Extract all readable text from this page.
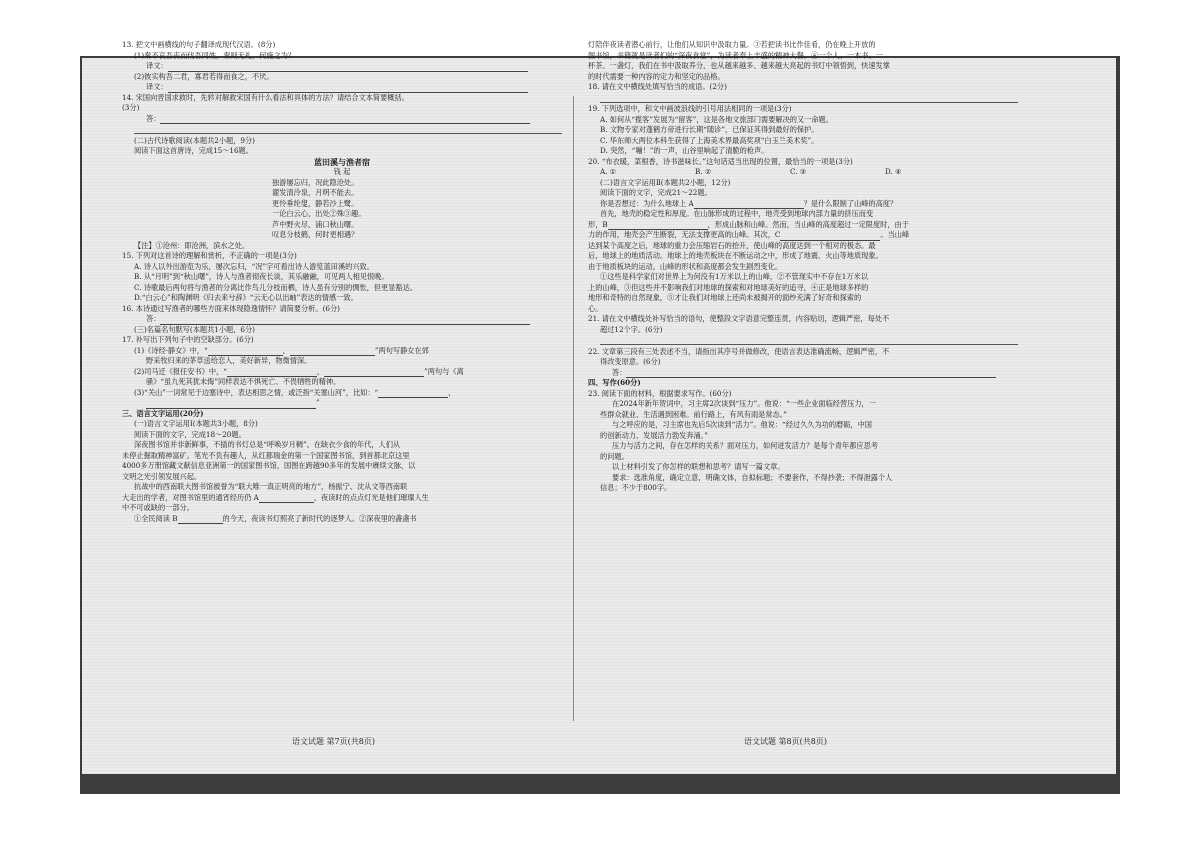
13. 把文中画横线的句子翻译成现代汉语。(8分)
(1)秦不哀吾丧而伐吾同姓，秦则无礼，何施之为？
译文：
(2)彼实构吾二君，寡君若得而食之，不厌。
译文：
14. 宋国向晋国求救时，先轸对解救宋国有什么看法和具体的方法？请结合文本简要概括。
(3分)
答：
(二)古代诗歌阅读(本题共2小题，9分)
阅读下面这首唐诗，完成15～16题。
蓝田溪与渔者宿
钱 起
独游屡忘归，况此隐沧处。
濯发清泠泉，月明不能去。
更怜垂纶叟，静若沙上鹭。
一论白云心，出处②殊③趣。
芦中野火尽，浦口秋山曙。
叹息分枝鹤，何时更相遇？
【注】①沧州：即沧洲，滨水之处。
15. 下列对这首诗的理解和赏析，不正确的一项是(3分)
A. 诗人以外出游览为乐，屡次忘归，“况”字可看出诗人游览蓝田溪的兴致。
B. 从“月明”到“秋山曙”，诗人与渔者彻夜长谈，其乐融融，可见两人相见恨晚。
C. 诗歌最后两句将与渔者的分离比作鸟儿分枝而栖，诗人虽有分别的惆怅，但更显豁达。
D.“白云心”和陶渊明《归去来兮辞》“云无心以出岫”表达的情感一致。
16. 本诗通过写渔者的哪些方面来体现隐逸情怀？请简要分析。(6分)
答：
(三)名篇名句默写(本题共1小题，6分)
17. 补写出下列句子中的空缺部分。(6分)
(1)《诗经·静女》中，“	，	”两句写静女在郊
野采牧归来的茅草送给恋人，美好新异，物微情深。
(2)司马迁《报任安书》中，“	，	”两句与《离
骚》“虽九死其犹未悔”同样表达不惧死亡、不畏牺牲的精神。
(3)“关山”一词常见于边塞诗中，表达相思之情，或泛指“关塞山河”，比如：“	，
”
三、语言文字运用(20分)
(一)语言文字运用Ⅰ(本题共3小题，8分)
阅读下面的文字，完成18～20题。
深夜图书馆并非新鲜事，不插的书灯总是“呼唤岁月稠”。在缺衣少食的年代，人们从
未停止掘取精神富矿。笔光不负有趣人，从红都瑞金的第一个国家图书馆，到首都北京这里
4000多万册馆藏文献信息亚洲第一的国家图书馆，国图在跨越90多年的发展中赓续文脉，以
文明之光引领发展兴起。
抗战中的西南联大图书馆被誉为“联大唯一真正明亮的地方”，杨振宁、沈从文等西南联
大走出的学者，对图书馆里的通宵经历仍 A	，夜读时的点点灯光是他们璀璨人生
中不可或缺的一部分。
①全民阅读 B	的今天，夜读书灯照亮了新时代的逐梦人。②深夜里的盏盏书
灯陪伴夜读者潜心前行，让他们从知识中汲取力量。③若把读书比作佳肴，仍在晚上开放的
图书馆，书籍就是读者们的“深夜食堂”，为读者奉上丰盛的精神大餐。④一个人、一本书、一
杯茶、一盏灯，我们在书中汲取养分，也从越来越多、越来越大亮起的书灯中领悟到，快速发掌
的时代需要一种内容的定力和坚定的品格。
18. 请在文中横线处填写恰当的成语。(2分)
19. 下列选项中，和文中画波浪线的引号用法相同的一项是(3分)
A. 如何从“揽客”发展为“留客”，这是各地文旅部门需要解决的又一命题。
B. 文物专家对蓬鹤方帝进行长期“随诊”，已保证其得到最好的保护。
C. 华东师大两位本科生获得了上海美术界最高奖项“白玉兰美术奖”。
D. 突然，“嘣！”的一声，山谷里响起了清脆的枪声。
20. “布衣暖，菜根香，诗书滋味长。”这句话适当出现的位置，最恰当的一项是(3分)
A. ①	B. ②	C. ③	D. ④
(二)语言文字运用Ⅱ(本题共2小题，12分)
阅读下面的文字，完成21～22题。
你是否想过：为什么地球上 A	？是什么限制了山峰的高度？
首先，地壳的稳定性和厚度。在山脉形成的过程中，地壳受到地球内部力量的挤压而变
形，B	，形成山脉和山峰。然而，当山峰的高度超过一定限度时，由于
力的作用，地壳会产生断裂，无法支撑更高的山峰。其次，C	。当山峰
达到某个高度之后，地球的重力会压缩岩石的抬升，使山峰的高度达到一个相对的极态。最
后，地球上的地质活动。地球上的地壳板块在不断运动之中，形成了地震、火山等地质现象。
由于地质板块的运动，山峰的形状和高度都会发生剧烈变化。
①这些是科学家们对世界上为何没有1万米以上的山峰，②不管现实中不存在1万米以
上的山峰，③但这些并不影响我们对地球的探索和对地球美好的追寻，④正是地球多样的
地形和奇特的自然现象，⑤才让我们对地球上还尚未被揭开的面纱充满了好奇和探索的
心。
21. 请在文中横线处补写恰当的语句，使整段文字语意完整连贯，内容贴切，逻辑严密，每处不
超过12个字。(6分)
22. 文章第三段有三处表述不当，请指出其序号并做修改，使语言表达准确流畅，逻辑严密，不
得改变原意。(6分)
答：
四、写作(60分)
23. 阅读下面的材料，根据要求写作。(60分)
在2024年新年贺词中，习主席2次谈到“压力”。他说：“一些企业面临经营压力，一
些群众就业、生活遇到困难。前行路上，有风有雨是常态。”
与之呼应的是，习主席也先后5次谈到“活力”。他说：“经过久久为功的磨砺，中国
的创新动力、发展活力勃发奔涌。”
压力与活力之间，存在怎样的关系？面对压力，如何迸发活力？是每个青年都应思考
的问题。
以上材料引发了你怎样的联想和思考？请写一篇文章。
要求：选准角度，确定立意，明确文体，自拟标题；不要套作，不得抄袭；不得泄露个人
信息；不少于800字。
语文试题 第7页(共8页)	语文试题 第8页(共8页)
